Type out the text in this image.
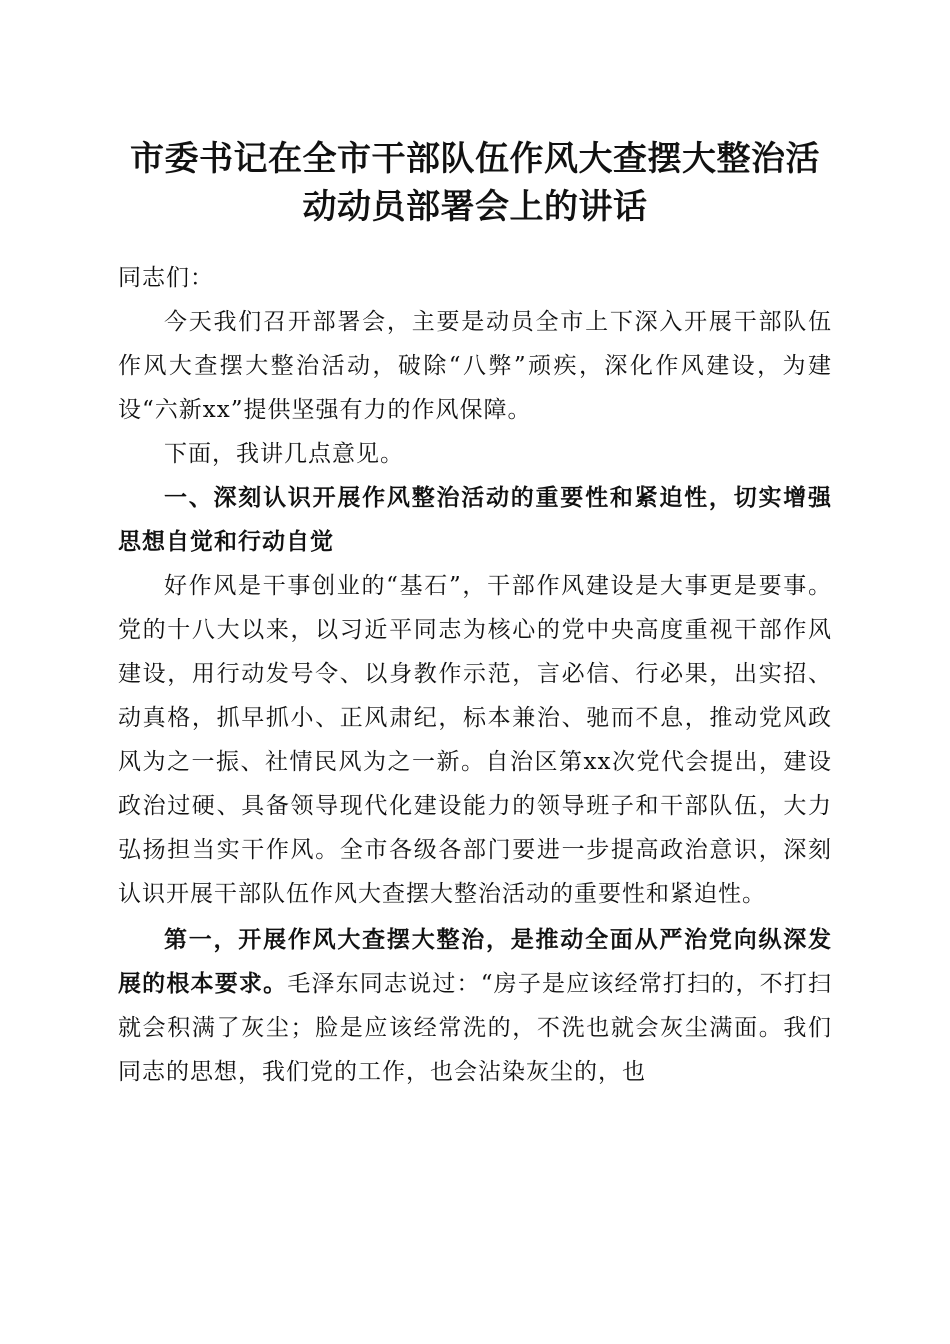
市委书记在全市干部队伍作风大查摆大整治活
动动员部署会上的讲话

同志们：

今天我们召开部署会，主要是动员全市上下深入开展干部队伍作风大查摆大整治活动，破除“八弊”顽疾，深化作风建设，为建设“六新xx”提供坚强有力的作风保障。

下面，我讲几点意见。

一、深刻认识开展作风整治活动的重要性和紧迫性，切实增强思想自觉和行动自觉

好作风是干事创业的“基石”，干部作风建设是大事更是要事。党的十八大以来，以习近平同志为核心的党中央高度重视干部作风建设，用行动发号令、以身教作示范，言必信、行必果，出实招、动真格，抓早抓小、正风肃纪，标本兼治、驰而不息，推动党风政风为之一振、社情民风为之一新。自治区第xx次党代会提出，建设政治过硬、具备领导现代化建设能力的领导班子和干部队伍，大力弘扬担当实干作风。全市各级各部门要进一步提高政治意识，深刻认识开展干部队伍作风大查摆大整治活动的重要性和紧迫性。

第一，开展作风大查摆大整治，是推动全面从严治党向纵深发展的根本要求。毛泽东同志说过：“房子是应该经常打扫的，不打扫就会积满了灰尘；脸是应该经常洗的，不洗也就会灰尘满面。我们同志的思想，我们党的工作，也会沾染灰尘的，也
